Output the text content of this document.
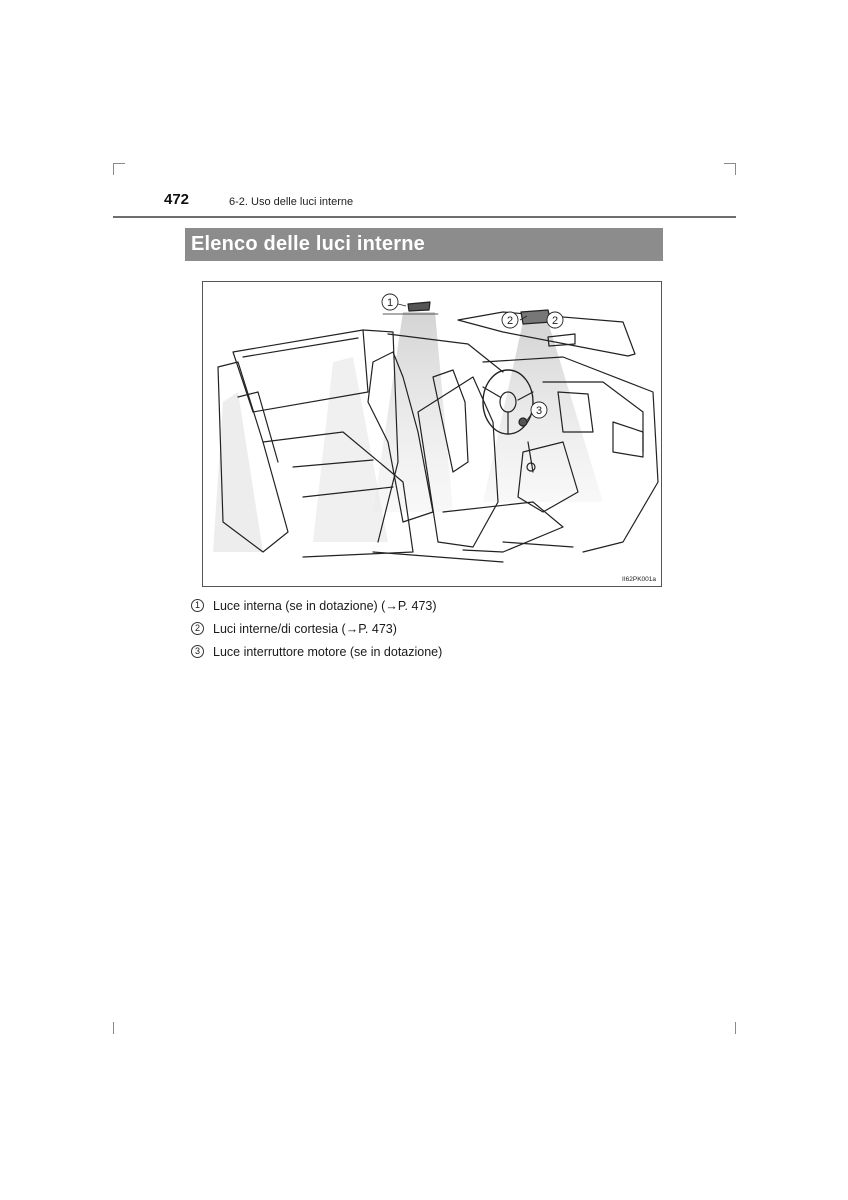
472	6-2. Uso delle luci interne
Elenco delle luci interne
1
2	2
3
II62PK001a
1	Luce interna (se in dotazione) (→P. 473)
2	Luci interne/di cortesia (→P. 473)
3	Luce interruttore motore (se in dotazione)
